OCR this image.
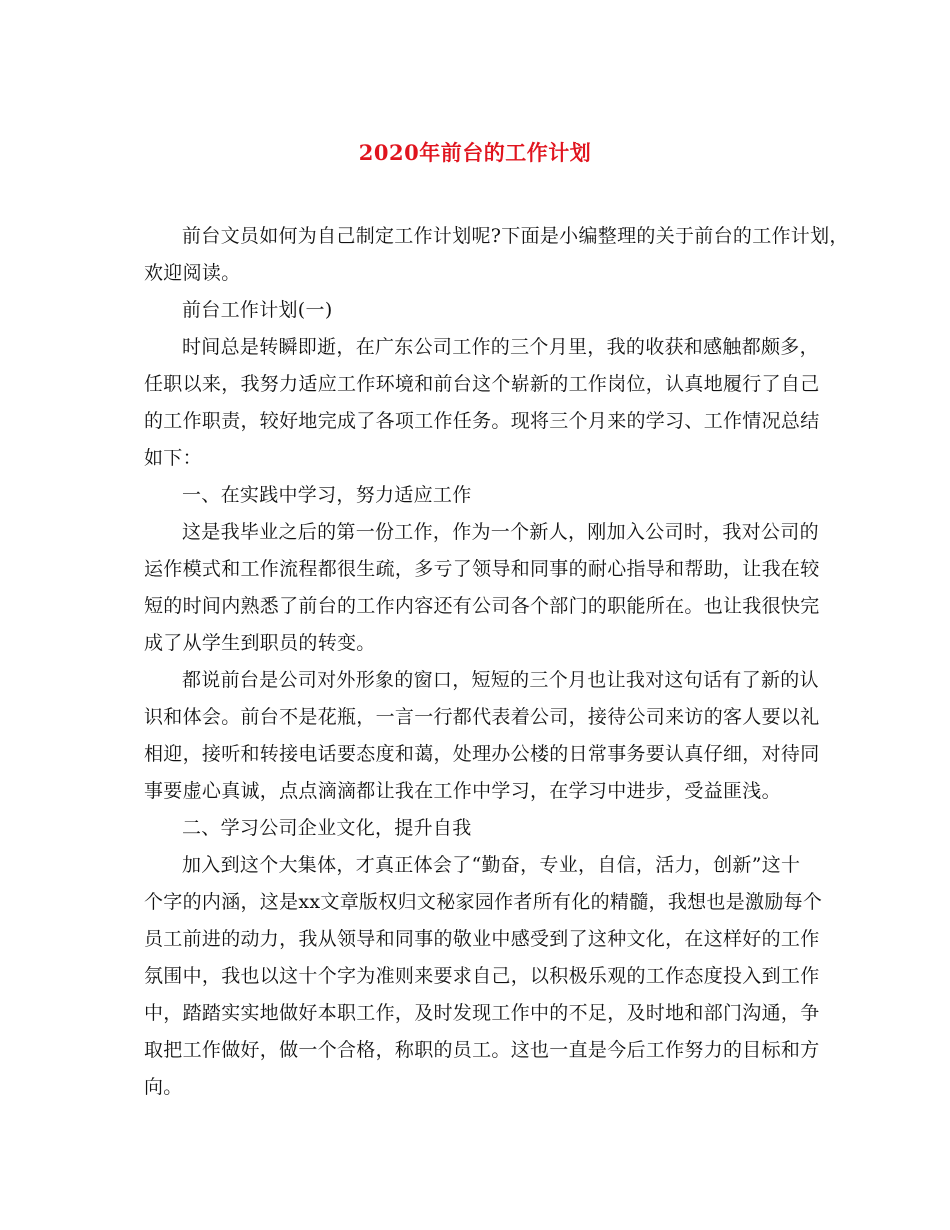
2020年前台的工作计划
前台文员如何为自己制定工作计划呢?下面是小编整理的关于前台的工作计划，
欢迎阅读。
前台工作计划(一)
时间总是转瞬即逝，在广东公司工作的三个月里，我的收获和感触都颇多，
任职以来，我努力适应工作环境和前台这个崭新的工作岗位，认真地履行了自己
的工作职责，较好地完成了各项工作任务。现将三个月来的学习、工作情况总结
如下：
一、在实践中学习，努力适应工作
这是我毕业之后的第一份工作，作为一个新人，刚加入公司时，我对公司的
运作模式和工作流程都很生疏，多亏了领导和同事的耐心指导和帮助，让我在较
短的时间内熟悉了前台的工作内容还有公司各个部门的职能所在。也让我很快完
成了从学生到职员的转变。
都说前台是公司对外形象的窗口，短短的三个月也让我对这句话有了新的认
识和体会。前台不是花瓶，一言一行都代表着公司，接待公司来访的客人要以礼
相迎，接听和转接电话要态度和蔼，处理办公楼的日常事务要认真仔细，对待同
事要虚心真诚，点点滴滴都让我在工作中学习，在学习中进步，受益匪浅。
二、学习公司企业文化，提升自我
加入到这个大集体，才真正体会了“勤奋，专业，自信，活力，创新”这十
个字的内涵，这是xx文章版权归文秘家园作者所有化的精髓，我想也是激励每个
员工前进的动力，我从领导和同事的敬业中感受到了这种文化，在这样好的工作
氛围中，我也以这十个字为准则来要求自己，以积极乐观的工作态度投入到工作
中，踏踏实实地做好本职工作，及时发现工作中的不足，及时地和部门沟通，争
取把工作做好，做一个合格，称职的员工。这也一直是今后工作努力的目标和方
向。
